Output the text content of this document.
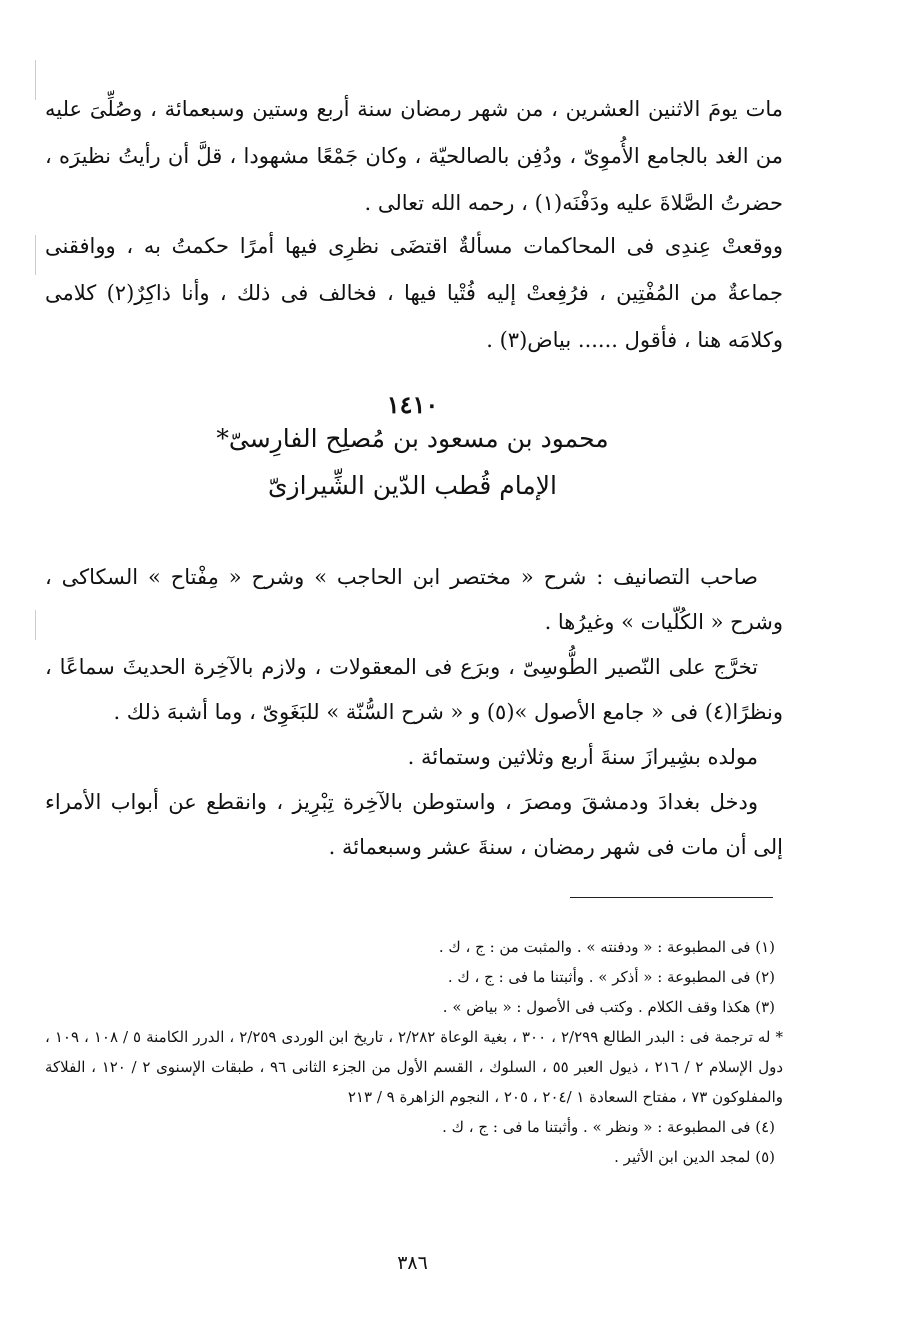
مات يومَ الاثنين العشرين ، من شهر رمضان سنة أربع وستين وسبعمائة ، وصُلِّىَ عليه من الغد بالجامع الأُموِىّ ، ودُفِن بالصالحيّة ، وكان جَمْعًا مشهودا ، قلَّ أن رأيتُ نظيرَه ، حضرتُ الصَّلاةَ عليه ودَفْنَه(١) ، رحمه الله تعالى .

ووقعتْ عِندِى فى المحاكمات مسألةٌ اقتضَى نظرِى فيها أمرًا حكمتُ به ، ووافقنى جماعةٌ من المُفْتِين ، فرُفِعتْ إليه فُتْيا فيها ، فخالف فى ذلك ، وأنا ذاكِرٌ(٢) كلامى وكلامَه هنا ، فأقول ...... بياض(٣) .

١٤١٠

محمود بن مسعود بن مُصلِح الفارِسىّ*

الإمام قُطب الدّين الشِّيرازىّ

صاحب التصانيف : شرح « مختصر ابن الحاجب » وشرح « مِفْتاح » السكاكى ، وشرح « الكُلّيات » وغيرُها .

تخرَّج على النّصير الطُّوسِىّ ، وبرَع فى المعقولات ، ولازم بالآخِرة الحديثَ سماعًا ، ونظرًا(٤) فى « جامع الأصول »(٥) و « شرح السُّنّة » للبَغَوِىّ ، وما أشبهَ ذلك .

مولده بشِيرازَ سنةَ أربع وثلاثين وستمائة .

ودخل بغدادَ ودمشقَ ومصرَ ، واستوطن بالآخِرة تِبْرِيز ، وانقطع عن أبواب الأمراء إلى أن مات فى شهر رمضان ، سنةَ عشر وسبعمائة .

(١) فى المطبوعة : « ودفنته » . والمثبت من : ج ، ك .

(٢) فى المطبوعة : « أذكر » . وأثبتنا ما فى : ج ، ك .

(٣) هكذا وقف الكلام . وكتب فى الأصول : « بياض » .

* له ترجمة فى : البدر الطالع ٢/٢٩٩ ، ٣٠٠ ، بغية الوعاة ٢/٢٨٢ ، تاريخ ابن الوردى ٢/٢٥٩ ، الدرر الكامنة ٥ / ١٠٨ ، ١٠٩ ، دول الإسلام ٢ / ٢١٦ ، ذيول العبر ٥٥ ، السلوك ، القسم الأول من الجزء الثانى ٩٦ ، طبقات الإسنوى ٢ / ١٢٠ ، الفلاكة والمفلوكون ٧٣ ، مفتاح السعادة ١ /٢٠٤ ، ٢٠٥ ، النجوم الزاهرة ٩ / ٢١٣

(٤) فى المطبوعة : « ونظر » . وأثبتنا ما فى : ج ، ك .

(٥) لمجد الدين ابن الأثير .

٣٨٦
